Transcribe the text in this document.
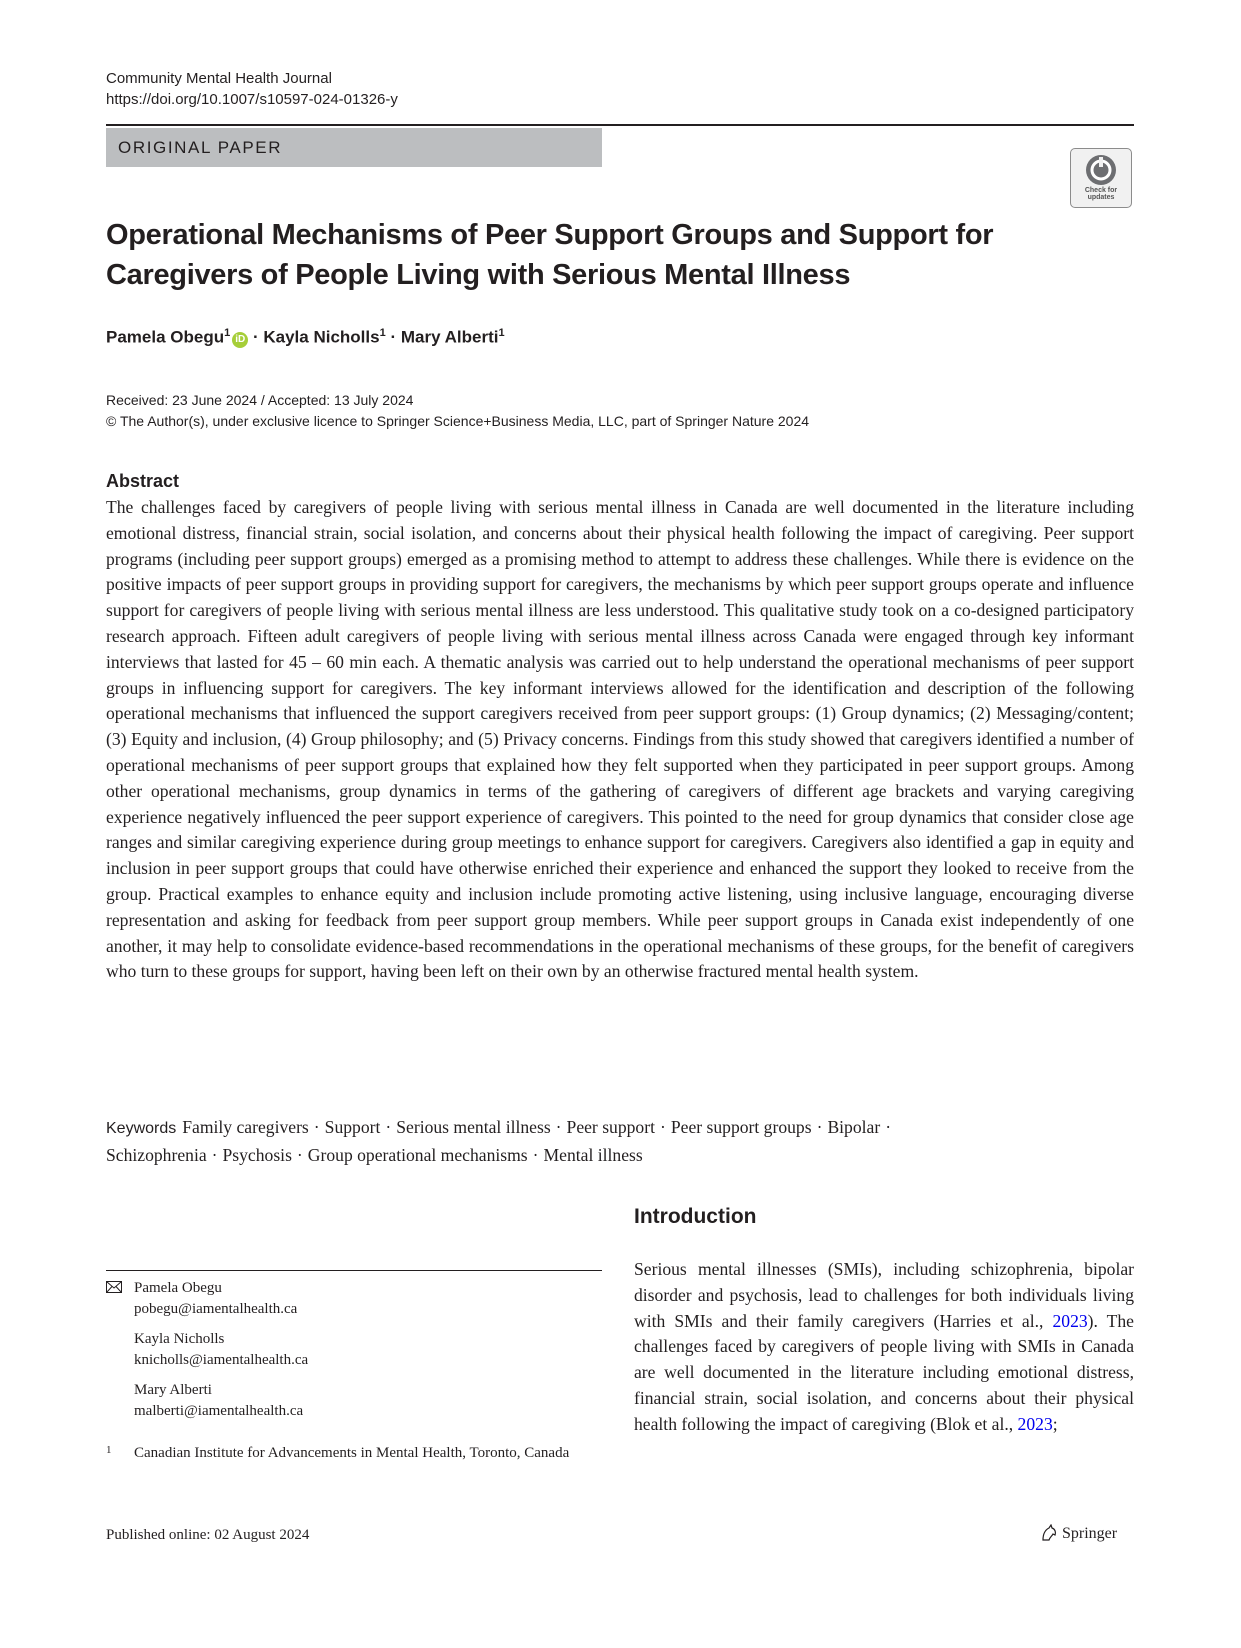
Community Mental Health Journal
https://doi.org/10.1007/s10597-024-01326-y
ORIGINAL PAPER
Check for
updates
Operational Mechanisms of Peer Support Groups and Support for Caregivers of People Living with Serious Mental Illness
Pamela Obegu$^1$iD · Kayla Nicholls$^1$ · Mary Alberti$^1$
Received: 23 June 2024 / Accepted: 13 July 2024
© The Author(s), under exclusive licence to Springer Science+Business Media, LLC, part of Springer Nature 2024
Abstract

The challenges faced by caregivers of people living with serious mental illness in Canada are well documented in the literature including emotional distress, financial strain, social isolation, and concerns about their physical health following the impact of caregiving. Peer support programs (including peer support groups) emerged as a promising method to attempt to address these challenges. While there is evidence on the positive impacts of peer support groups in providing support for caregivers, the mechanisms by which peer support groups operate and influence support for caregivers of people living with serious mental illness are less understood. This qualitative study took on a co-designed participatory research approach. Fifteen adult caregivers of people living with serious mental illness across Canada were engaged through key informant interviews that lasted for 45 – 60 min each. A thematic analysis was carried out to help understand the operational mechanisms of peer support groups in influencing support for caregivers. The key informant interviews allowed for the identification and description of the following operational mechanisms that influenced the support caregivers received from peer support groups: (1) Group dynamics; (2) Messaging/content; (3) Equity and inclusion, (4) Group philosophy; and (5) Privacy concerns. Findings from this study showed that caregivers identified a number of operational mechanisms of peer support groups that explained how they felt supported when they participated in peer support groups. Among other operational mechanisms, group dynamics in terms of the gathering of caregivers of different age brackets and varying caregiving experience negatively influenced the peer support experience of caregivers. This pointed to the need for group dynamics that consider close age ranges and similar caregiving experience during group meetings to enhance support for caregivers. Caregivers also identified a gap in equity and inclusion in peer support groups that could have otherwise enriched their experience and enhanced the support they looked to receive from the group. Practical examples to enhance equity and inclusion include promoting active listening, using inclusive language, encouraging diverse representation and asking for feedback from peer support group members. While peer support groups in Canada exist independently of one another, it may help to consolidate evidence-based recommendations in the operational mechanisms of these groups, for the benefit of caregivers who turn to these groups for support, having been left on their own by an otherwise fractured mental health system.

Keywords Family caregivers · Support · Serious mental illness · Peer support · Peer support groups · Bipolar ·
Schizophrenia · Psychosis · Group operational mechanisms · Mental illness

Pamela Obegu
pobegu@iamentalhealth.ca
Kayla Nicholls
knicholls@iamentalhealth.ca
Mary Alberti
malberti@iamentalhealth.ca
1 Canadian Institute for Advancements in Mental Health, Toronto, Canada
Introduction

Serious mental illnesses (SMIs), including schizophrenia, bipolar disorder and psychosis, lead to challenges for both individuals living with SMIs and their family caregivers (Harries et al., 2023). The challenges faced by caregivers of people living with SMIs in Canada are well documented in the literature including emotional distress, financial strain, social isolation, and concerns about their physical health following the impact of caregiving (Blok et al., 2023;

Published online: 02 August 2024	Springer
